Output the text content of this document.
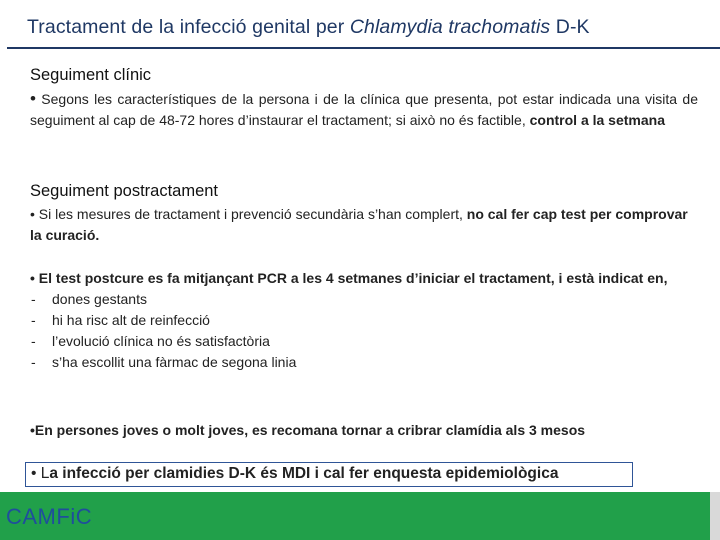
Tractament de la infecció genital per Chlamydia trachomatis D-K
Seguiment clínic
• Segons les característiques de la persona i de la clínica que presenta, pot estar indicada una visita de seguiment al cap de 48-72 hores d’instaurar el tractament; si això no és factible, control a la setmana
Seguiment postractament
• Si les mesures de tractament i prevenció secundària s’han complert, no cal fer cap test per comprovar la curació.
• El test postcure es fa mitjançant PCR a les 4 setmanes d’iniciar el tractament, i està indicat en,
- dones gestants
- hi ha risc alt de reinfecció
- l’evolució clínica no és satisfactòria
- s’ha escollit una fàrmac de segona linia
•En persones joves o molt joves, es recomana tornar a cribrar clamídia als 3 mesos
• La infecció per clamidies D-K és MDI i cal fer enquesta epidemiològica
CAMFiC
